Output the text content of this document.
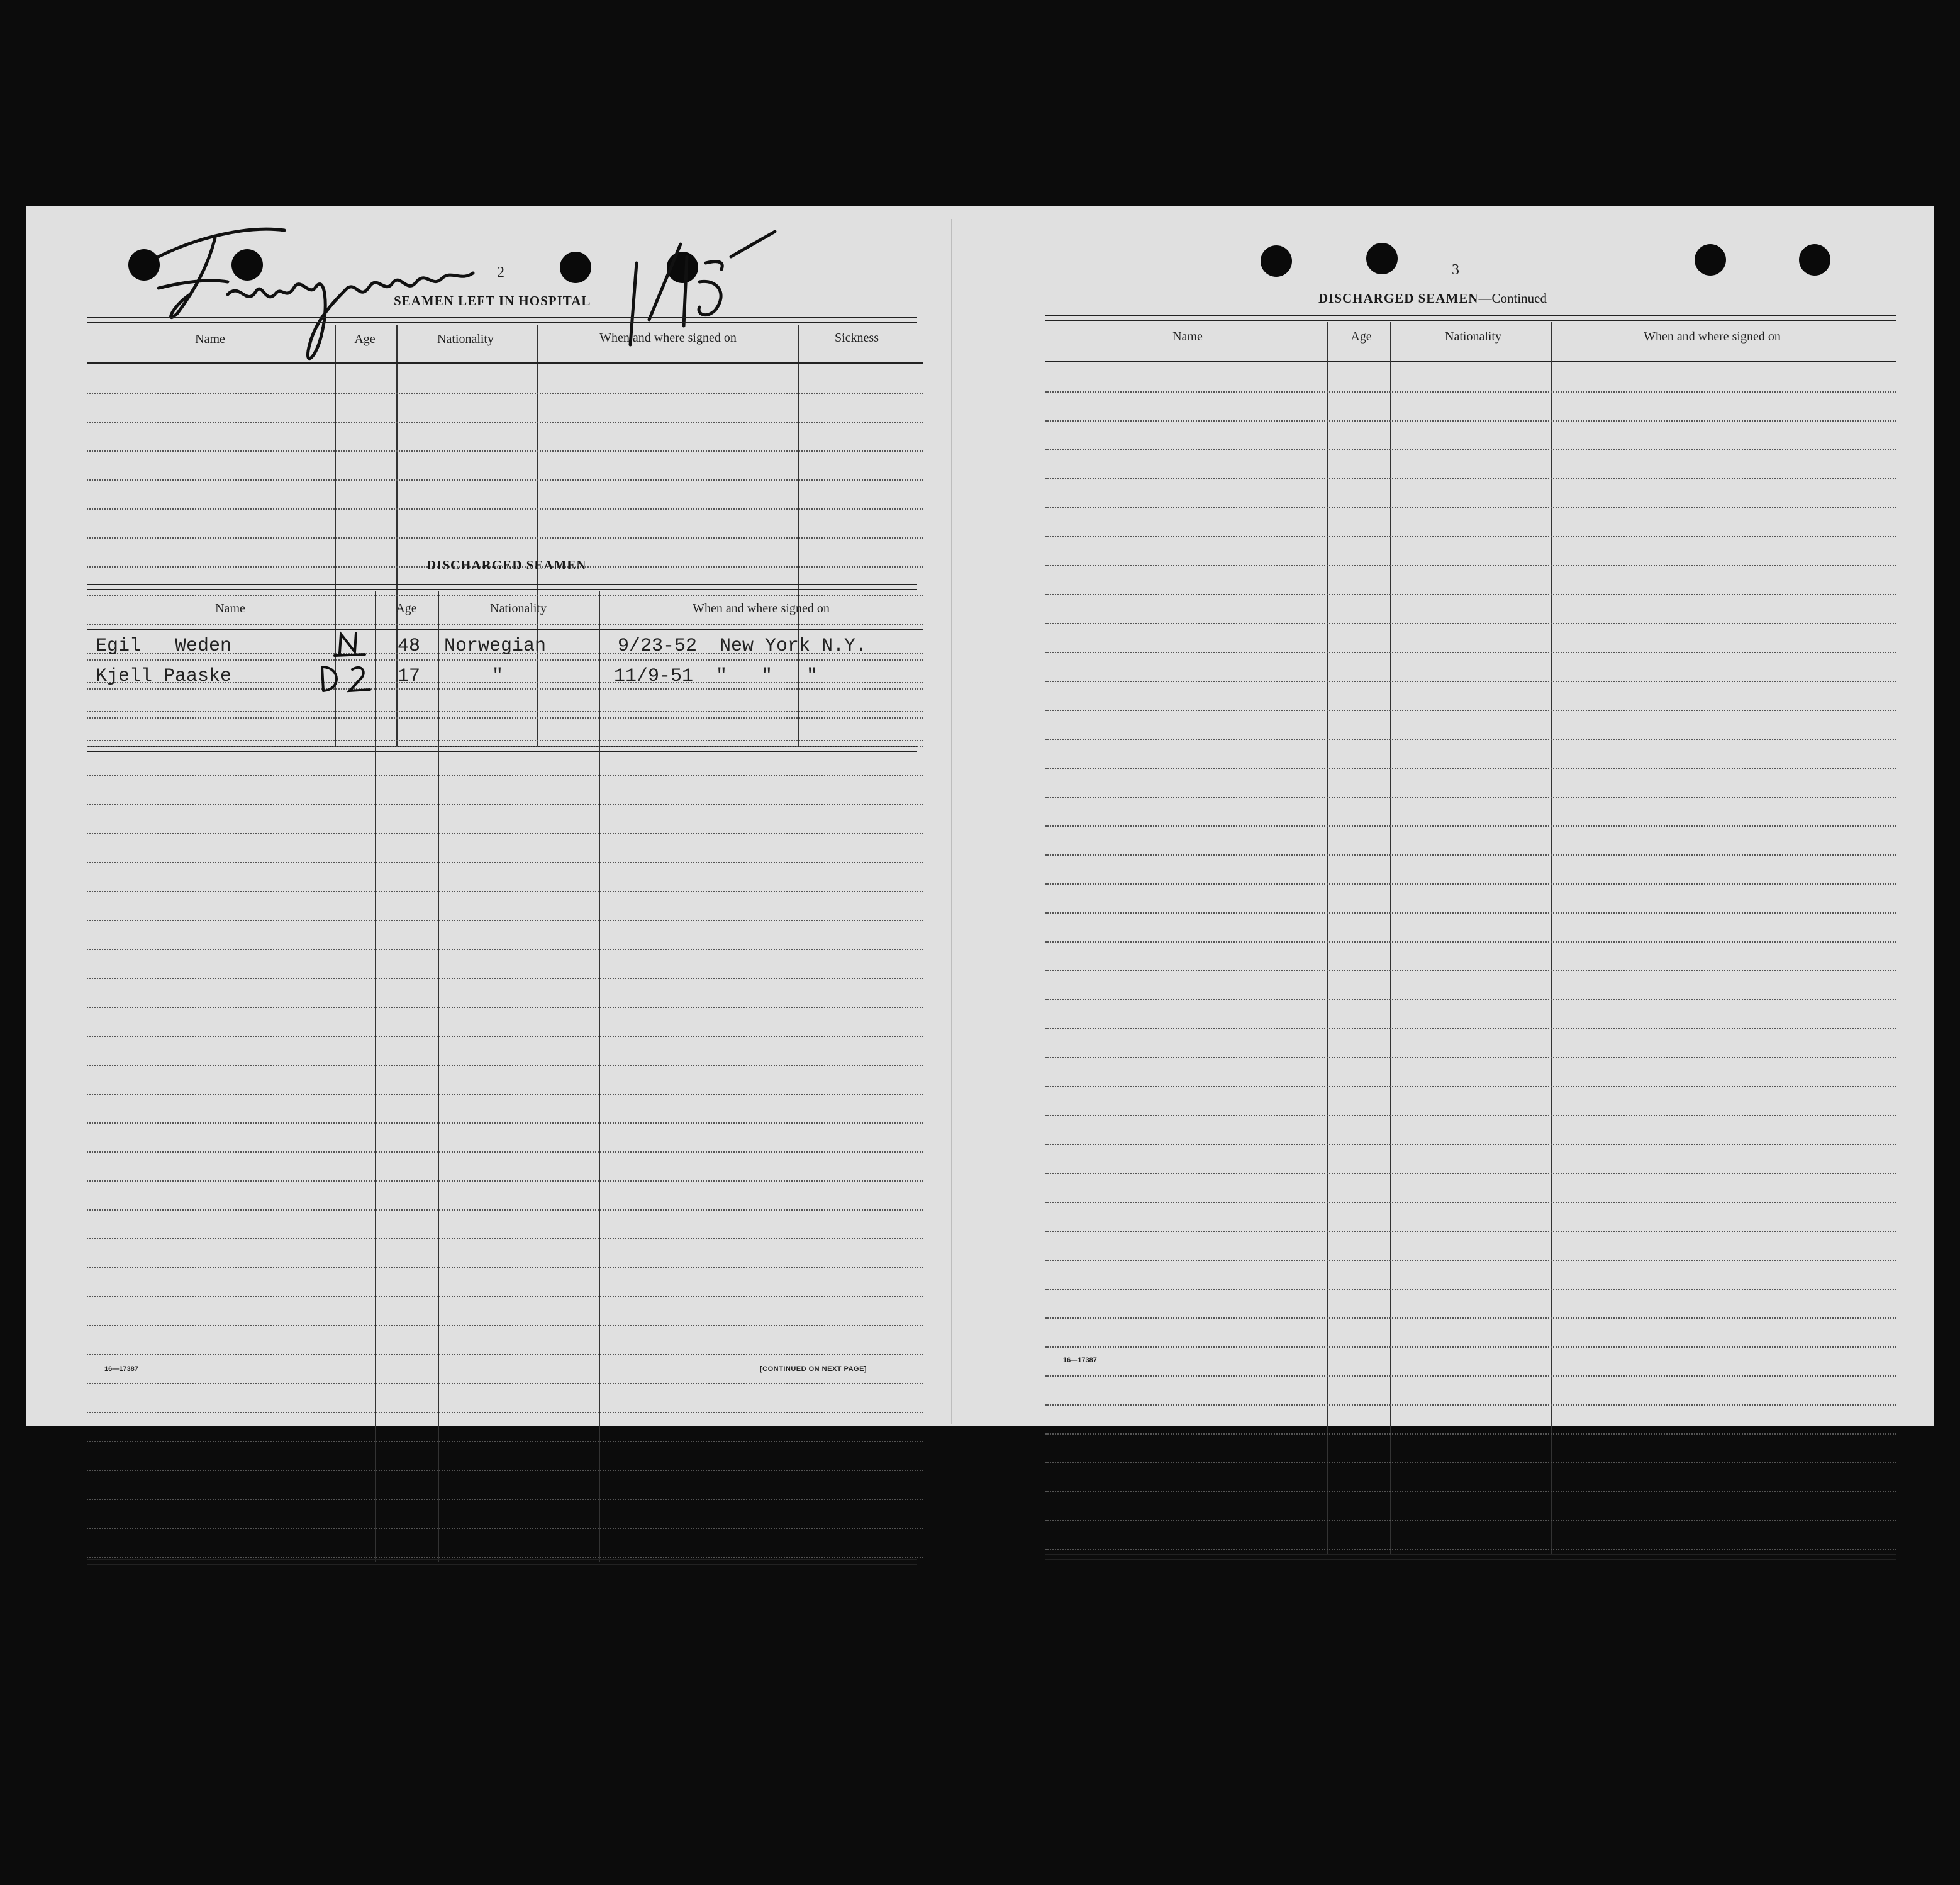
Ferngrove
2
SEAMEN LEFT IN HOSPITAL
Name	Age	Nationality	When and where signed on	Sickness
DISCHARGED SEAMEN
Name	Age	Nationality	When and where signed on
Egil   Weden	48 Norwegian	9/23-52  New York N.Y.
Kjell Paaske	17	"	11/9-51  "   "   "
16—17387	[CONTINUED ON NEXT PAGE]
3
DISCHARGED SEAMEN—Continued
Name	Age	Nationality	When and where signed on
16—17387
